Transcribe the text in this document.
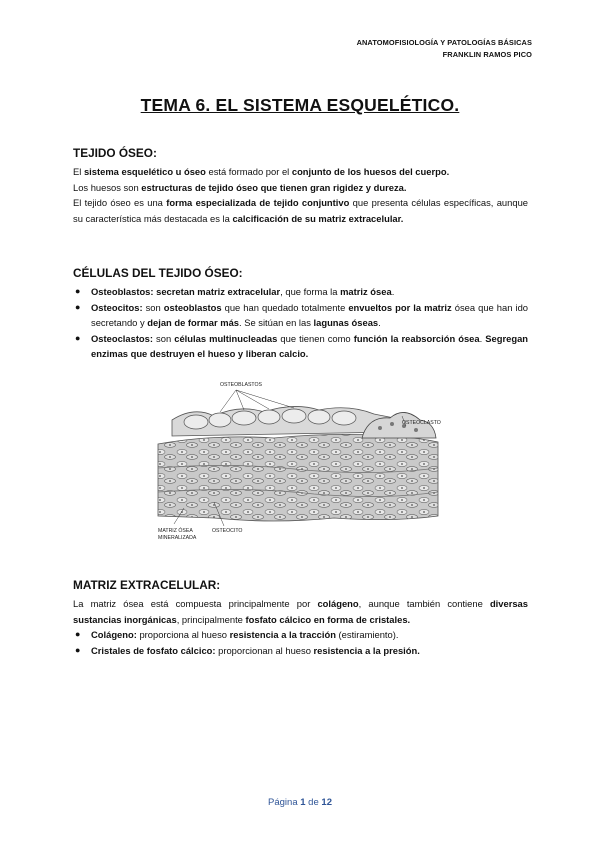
ANATOMOFISIOLOGÍA Y PATOLOGÍAS BÁSICAS
FRANKLIN RAMOS PICO
TEMA 6. EL SISTEMA ESQUELÉTICO.
TEJIDO ÓSEO:

El sistema esquelético u óseo está formado por el conjunto de los huesos del cuerpo.

Los huesos son estructuras de tejido óseo que tienen gran rigidez y dureza.

El tejido óseo es una forma especializada de tejido conjuntivo que presenta células específicas, aunque su característica más destacada es la calcificación de su matriz extracelular.

CÉLULAS DEL TEJIDO ÓSEO:
● Osteoblastos: secretan matriz extracelular, que forma la matriz ósea.
● Osteocitos: son osteoblastos que han quedado totalmente envueltos por la matriz ósea que han ido secretando y dejan de formar más. Se sitúan en las lagunas óseas.
● Osteoclastos: son células multinucleadas que tienen como función la reabsorción ósea. Segregan enzimas que destruyen el hueso y liberan calcio.
OSTEOBLASTOS
OSTEOCLASTO
MATRIZ ÓSEA
MINERALIZADA
OSTEOCITO
MATRIZ EXTRACELULAR:

La matriz ósea está compuesta principalmente por colágeno, aunque también contiene diversas sustancias inorgánicas, principalmente fosfato cálcico en forma de cristales.

● Colágeno: proporciona al hueso resistencia a la tracción (estiramiento).
● Cristales de fosfato cálcico: proporcionan al hueso resistencia a la presión.
Página 1 de 12
